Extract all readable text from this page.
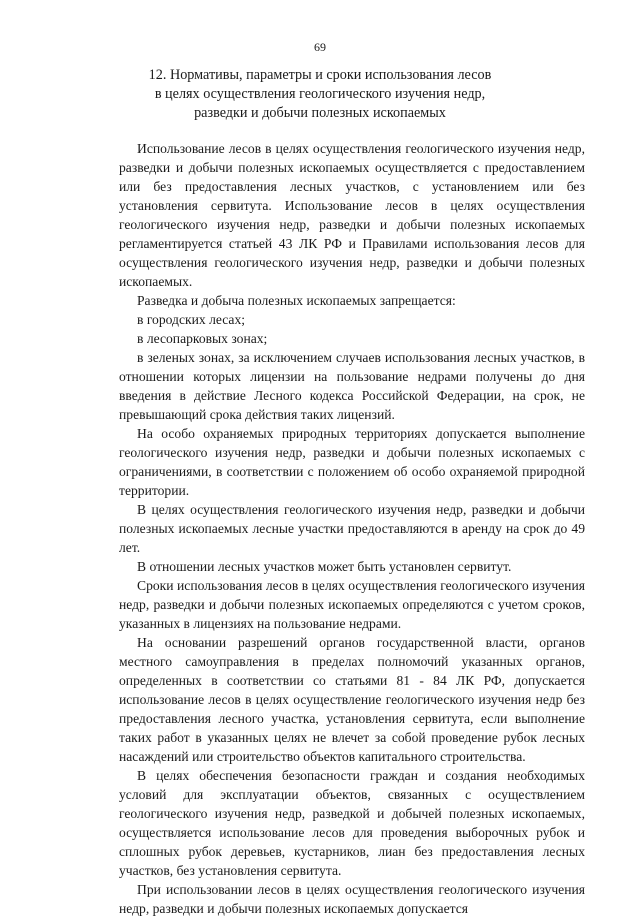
69
12. Нормативы, параметры и сроки использования лесов
в целях осуществления геологического изучения недр,
разведки и добычи полезных ископаемых

Использование лесов в целях осуществления геологического изучения недр, разведки и добычи полезных ископаемых осуществляется с предоставлением или без предоставления лесных участков, с установлением или без установления сервитута. Использование лесов в целях осуществления геологического изучения недр, разведки и добычи полезных ископаемых регламентируется статьей 43 ЛК РФ и Правилами использования лесов для осуществления геологического изучения недр, разведки и добычи полезных ископаемых.

Разведка и добыча полезных ископаемых запрещается:

в городских лесах;

в лесопарковых зонах;

в зеленых зонах, за исключением случаев использования лесных участков, в отношении которых лицензии на пользование недрами получены до дня введения в действие Лесного кодекса Российской Федерации, на срок, не превышающий срока действия таких лицензий.

На особо охраняемых природных территориях допускается выполнение геологического изучения недр, разведки и добычи полезных ископаемых с ограничениями, в соответствии с положением об особо охраняемой природной территории.

В целях осуществления геологического изучения недр, разведки и добычи полезных ископаемых лесные участки предоставляются в аренду на срок до 49 лет.

В отношении лесных участков может быть установлен сервитут.

Сроки использования лесов в целях осуществления геологического изучения недр, разведки и добычи полезных ископаемых определяются с учетом сроков, указанных в лицензиях на пользование недрами.

На основании разрешений органов государственной власти, органов местного самоуправления в пределах полномочий указанных органов, определенных в соответствии со статьями 81 - 84 ЛК РФ, допускается использование лесов в целях осуществление геологического изучения недр без предоставления лесного участка, установления сервитута, если выполнение таких работ в указанных целях не влечет за собой проведение рубок лесных насаждений или строительство объектов капитального строительства.

В целях обеспечения безопасности граждан и создания необходимых условий для эксплуатации объектов, связанных с осуществлением геологического изучения недр, разведкой и добычей полезных ископаемых, осуществляется использование лесов для проведения выборочных рубок и сплошных рубок деревьев, кустарников, лиан без предоставления лесных участков, без установления сервитута.

При использовании лесов в целях осуществления геологического изучения недр, разведки и добычи полезных ископаемых допускается
